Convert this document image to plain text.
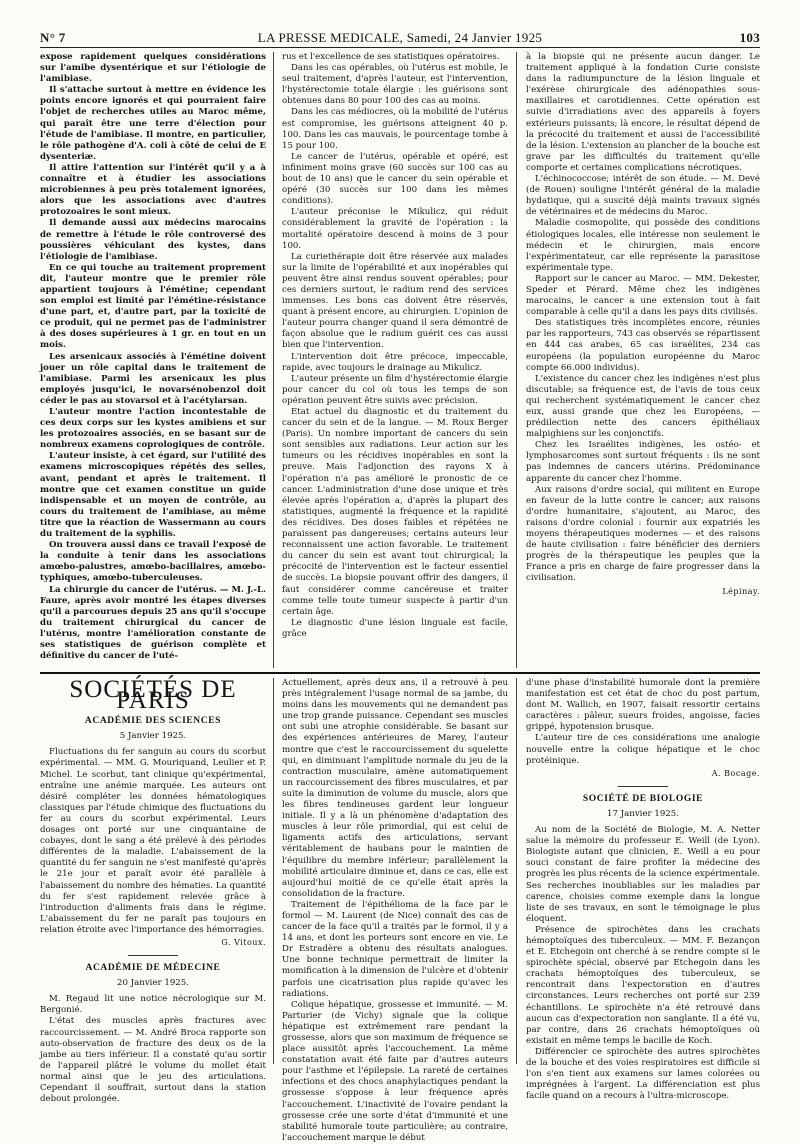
N° 7	LA PRESSE MEDICALE, Samedi, 24 Janvier 1925	103

expose rapidement quelques considérations sur l'amibe dysentérique et sur l'étiologie de l'amibiase.

Il s'attache surtout à mettre en évidence les points encore ignorés et qui pourraient faire l'objet de recherches utiles au Maroc même, qui paraît être une terre d'élection pour l'étude de l'amibiase. Il montre, en particulier, le rôle pathogène d'A. coli à côté de celui de E dysenteriæ.

Il attire l'attention sur l'intérêt qu'il y a à connaître et à étudier les associations microbiennes à peu près totalement ignorées, alors que les associations avec d'autres protozoaires le sont mieux.

Il demande aussi aux médecins marocains de remettre à l'étude le rôle controversé des poussières véhiculant des kystes, dans l'étiologie de l'amibiase.

En ce qui touche au traitement proprement dit, l'auteur montre que le premier rôle appartient toujours à l'émétine; cependant son emploi est limité par l'émétine-résistance d'une part, et, d'autre part, par la toxicité de ce produit, qui ne permet pas de l'administrer à des doses supérieures à 1 gr. en tout en un mois.

Les arsenicaux associés à l'émétine doivent jouer un rôle capital dans le traitement de l'amibiase. Parmi les arsenicaux les plus employés jusqu'ici, le novarsénobenzol doit céder le pas au stovarsol et à l'acétylarsan.

L'auteur montre l'action incontestable de ces deux corps sur les kystes amibiens et sur les protozoaires associés, en se basant sur de nombreux examens coprologiques de contrôle.

L'auteur insiste, à cet égard, sur l'utilité des examens microscopiques répétés des selles, avant, pendant et après le traitement. Il montre que cet examen constitue un guide indispensable et un moyen de contrôle, au cours du traitement de l'amibiase, au même titre que la réaction de Wassermann au cours du traitement de la syphilis.

On trouvera aussi dans ce travail l'exposé de la conduite à tenir dans les associations amœbo-palustres, amœbo-bacillaires, amœbo-typhiques, amœbo-tuberculeuses.

La chirurgie du cancer de l'utérus. — M. J.-L. Faure, après avoir montré les étapes diverses qu'il a parcourues depuis 25 ans qu'il s'occupe du traitement chirurgical du cancer de l'utérus, montre l'amélioration constante de ses statistiques de guérison complète et définitive du cancer de l'uté-

rus et l'excellence de ses statistiques opératoires.

Dans les cas opérables, où l'utérus est mobile, le seul traitement, d'après l'auteur, est l'intervention, l'hystérectomie totale élargie : les guérisons sont obtenues dans 80 pour 100 des cas au moins.

Dans les cas médiocres, où la mobilité de l'utérus est compromise, les guérisons atteignent 40 p. 100. Dans les cas mauvais, le pourcentage tombe à 15 pour 100.

Le cancer de l'utérus, opérable et opéré, est infiniment moins grave (60 succès sur 100 cas au bout de 10 ans) que le cancer du sein opérable et opéré (30 succès sur 100 dans les mêmes conditions).

L'auteur préconise le Mikulicz, qui réduit considérablement la gravité de l'opération : la mortalité opératoire descend à moins de 3 pour 100.

La curiethérapie doit être réservée aux malades sur la limite de l'opérabilité et aux inopérables qui peuvent être ainsi rendus souvent opérables; pour ces derniers surtout, le radium rend des services immenses. Les bons cas doivent être réservés, quant à présent encore, au chirurgien. L'opinion de l'auteur pourra changer quand il sera démontré de façon absolue que le radium guérit ces cas aussi bien que l'intervention.

L'intervention doit être précoce, impeccable, rapide, avec toujours le drainage au Mikulicz.

L'auteur présente un film d'hystérectomie élargie pour cancer du col où tous les temps de son opération peuvent être suivis avec précision.

Etat actuel du diagnostic et du traitement du cancer du sein et de la langue. — M. Roux Berger (Paris). Un nombre important de cancers du sein sont sensibles aux radiations. Leur action sur les tumeurs ou les récidives inopérables en sont la preuve. Mais l'adjonction des rayons X à l'opération n'a pas amélioré le pronostic de ce cancer. L'administration d'une dose unique et très élevée après l'opération a, d'après la plupart des statistiques, augmenté la fréquence et la rapidité des récidives. Des doses faibles et répétées ne paraissent pas dangereuses; certains auteurs leur reconnaissent une action favorable. Le traitement du cancer du sein est avant tout chirurgical; la précocité de l'intervention est le facteur essentiel de succès. La biopsie pouvant offrir des dangers, il faut considérer comme cancéreuse et traiter comme telle toute tumeur suspecte à partir d'un certain âge.

Le diagnostic d'une lésion linguale est facile, grâce

à la biopsie qui ne présente aucun danger. Le traitement appliqué à la fondation Curie consiste dans la radiumpuncture de la lésion linguale et l'exérèse chirurgicale des adénopathies sous-maxillaires et carotidiennes. Cette opération est suivie d'irradiations avec des appareils à foyers extérieurs puissants; là encore, le résultat dépend de la précocité du traitement et aussi de l'accessibilité de la lésion. L'extension au plancher de la bouche est grave par les difficultés du traitement qu'elle comporte et certaines complications nécrotiques.

L'échinococcose; intérêt de son étude. — M. Devé (de Rouen) souligne l'intérêt général de la maladie hydatique, qui a suscité déjà maints travaux signés de vétérinaires et de médecins du Maroc.

Maladie cosmopolite, qui possède des conditions étiologiques locales, elle intéresse non seulement le médecin et le chirurgien, mais encore l'expérimentateur, car elle représente la parasitose expérimentale type.

Rapport sur le cancer au Maroc. — MM. Dekester, Speder et Pérard. Même chez les indigènes marocains, le cancer a une extension tout à fait comparable à celle qu'il a dans les pays dits civilisés.

Des statistiques très incomplètes encore, réunies par les rapporteurs, 743 cas observés se répartissent en 444 cas arabes, 65 cas israélites, 234 cas européens (la population européenne du Maroc compte 66.000 individus).

L'existence du cancer chez les indigènes n'est plus discutable; sa fréquence est, de l'avis de tous ceux qui recherchent systématiquement le cancer chez eux, aussi grande que chez les Européens, — prédilection nette des cancers épithéliaux malpighiens sur les conjonctifs.

Chez les Israélites indigènes, les ostéo- et lymphosarcomes sont surtout fréquents : ils ne sont pas indemnes de cancers utérins. Prédominance apparente du cancer chez l'homme.

Aux raisons d'ordre social, qui militent en Europe en faveur de la lutte contre le cancer; aux raisons d'ordre humanitaire, s'ajoutent, au Maroc, des raisons d'ordre colonial : fournir aux expatriés les moyens thérapeutiques modernes — et des raisons de haute civilisation : faire bénéficier des derniers progrès de la thérapeutique les peuples que la France a pris en charge de faire progresser dans la civilisation.

Lépinay.
SOCIÉTÉS DE PARIS
ACADÉMIE DES SCIENCES
5 Janvier 1925.

Fluctuations du fer sanguin au cours du scorbut expérimental. — MM. G. Mouriquand, Leulier et P. Michel. Le scorbut, tant clinique qu'expérimental, entraîne une anémie marquée. Les auteurs ont désiré compléter les données hématologiques classiques par l'étude chimique des fluctuations du fer au cours du scorbut expérimental. Leurs dosages ont porté sur une cinquantaine de cobayes, dont le sang a été prélevé à des périodes différentes de la maladie. L'abaissement de la quantité du fer sanguin ne s'est manifesté qu'après le 21e jour et paraît avoir été parallèle à l'abaissement du nombre des hématies. La quantité du fer s'est rapidement relevée grâce à l'introduction d'aliments frais dans le régime. L'abaissement du fer ne paraît pas toujours en relation étroite avec l'importance des hémorragies.

G. Vitoux.
ACADÉMIE DE MÉDECINE
20 Janvier 1925.

M. Regaud lit une notice nécrologique sur M. Bergonié.

L'état des muscles après fractures avec raccourcissement. — M. André Broca rapporte son auto-observation de fracture des deux os de la jambe au tiers inférieur. Il a constaté qu'au sortir de l'appareil plâtré le volume du mollet était normal ainsi que le jeu des articulations. Cependant il souffrait, surtout dans la station debout prolongée.

Actuellement, après deux ans, il a retrouvé à peu près intégralement l'usage normal de sa jambe, du moins dans les mouvements qui ne demandent pas une trop grande puissance. Cependant ses muscles ont subi une atrophie considérable. Se basant sur des expériences antérieures de Marey, l'auteur montre que c'est le raccourcissement du squelette qui, en diminuant l'amplitude normale du jeu de la contraction musculaire, amène automatiquement un raccourcissement des fibres musculaires, et par suite la diminution de volume du muscle, alors que les fibres tendineuses gardent leur longueur initiale. Il y a là un phénomène d'adaptation des muscles à leur rôle primordial, qui est celui de ligaments actifs des articulations, servant véritablement de haubans pour le maintien de l'équilibre du membre inférieur; parallèlement la mobilité articulaire diminue et, dans ce cas, elle est aujourd'hui moitié de ce qu'elle était après la consolidation de la fracture.

Traitement de l'épithélioma de la face par le formol — M. Laurent (de Nice) connaît des cas de cancer de la face qu'il a traités par le formol, il y a 14 ans, et dont les porteurs sont encore en vie. Le Dr Estradère a obtenu des résultats analogues. Une bonne technique permettrait de limiter la momification à la dimension de l'ulcère et d'obtenir parfois une cicatrisation plus rapide qu'avec les radiations.

Colique hépatique, grossesse et immunité. — M. Parturier (de Vichy) signale que la colique hépatique est extrêmement rare pendant la grossesse, alors que son maximum de fréquence se place aussitôt après l'accouchement. La même constatation avait été faite par d'autres auteurs pour l'asthme et l'épilepsie. La rareté de certaines infections et des chocs anaphylactiques pendant la grossesse s'oppose à leur fréquence après l'accouchement. L'inactivité de l'ovaire pendant la grossesse crée une sorte d'état d'immunité et une stabilité humorale toute particulière; au contraire, l'accouchement marque le début

d'une phase d'instabilité humorale dont la première manifestation est cet état de choc du post partum, dont M. Wallich, en 1907, faisait ressortir certains caractères : pâleur, sueurs froides, angoisse, facies grippé, hypotension brusque.

L'auteur tire de ces considérations une analogie nouvelle entre la colique hépatique et le choc protéinique.

A. Bocage.
SOCIÉTÉ DE BIOLOGIE
17 Janvier 1925.

Au nom de la Société de Biologie, M. A. Netter salue la mémoire du professeur E. Weill (de Lyon). Biologiste autant que clinicien, E. Weill a eu pour souci constant de faire profiter la médecine des progrès les plus récents de la science expérimentale. Ses recherches inoubliables sur les maladies par carence, choisies comme exemple dans la longue liste de ses travaux, en sont le témoignage le plus éloquent.

Présence de spirochètes dans les crachats hémoptoïques des tuberculeux. — MM. F. Bezançon et E. Etchegoin ont cherché à se rendre compte si le spirochète spécial, observé par Etchegoin dans les crachats hémoptoïques des tuberculeux, se rencontrait dans l'expectoration en d'autres circonstances. Leurs recherches ont porté sur 239 échantillons. Le spirochète n'a été retrouvé dans aucun cas d'expectoration non sanglante. Il a été vu, par contre, dans 26 crachats hémoptoïques où existait en même temps le bacille de Koch.

Différencier ce spirochète des autres spirochètes de la bouche et des voies respiratoires est difficile si l'on s'en tient aux examens sur lames colorées ou imprégnées à l'argent. La différenciation est plus facile quand on a recours à l'ultra-microscope.
